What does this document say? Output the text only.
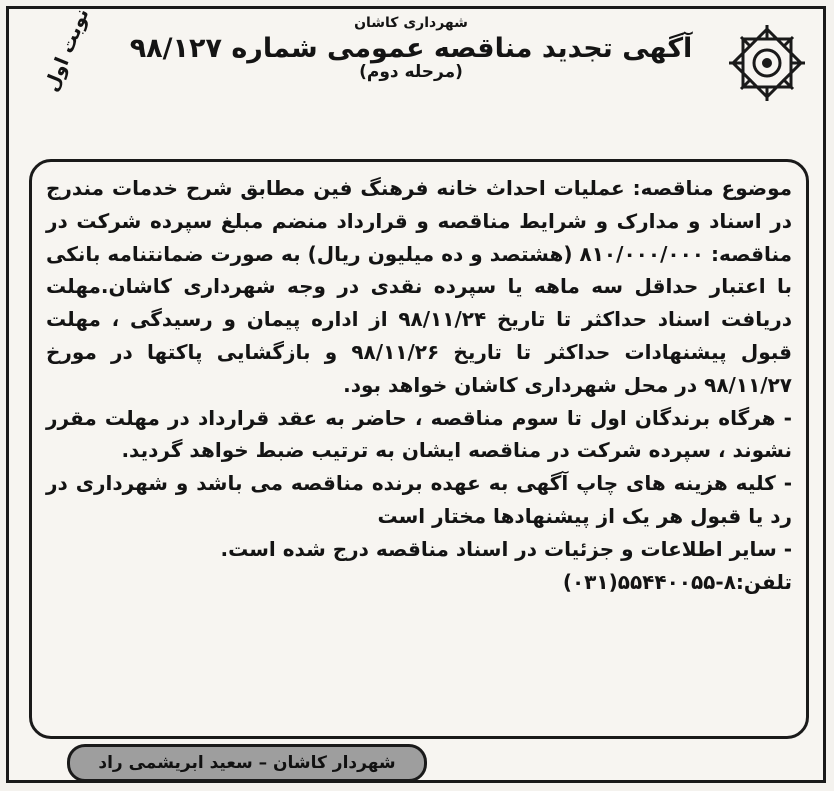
نوبت اول	شهرداری کاشان
آگهی تجدید مناقصه عمومی شماره ۹۸/۱۲۷
(مرحله دوم)

موضوع مناقصه: عملیات احداث خانه فرهنگ فین مطابق شرح خدمات مندرج در اسناد و مدارک و شرایط مناقصه و قرارداد منضم مبلغ سپرده شرکت در مناقصه: ۸۱۰/۰۰۰/۰۰۰ (هشتصد و ده میلیون ریال) به صورت ضمانتنامه بانکی با اعتبار حداقل سه ماهه یا سپرده نقدی در وجه شهرداری کاشان.مهلت دریافت اسناد حداکثر تا تاریخ ۹۸/۱۱/۲۴ از اداره پیمان و رسیدگی ، مهلت قبول پیشنهادات حداکثر تا تاریخ ۹۸/۱۱/۲۶ و بازگشایی پاکتها در مورخ ۹۸/۱۱/۲۷ در محل شهرداری کاشان خواهد بود.

- هرگاه برندگان اول تا سوم مناقصه ، حاضر به عقد قرارداد در مهلت مقرر نشوند ، سپرده شرکت در مناقصه ایشان به ترتیب ضبط خواهد گردید.

- کلیه هزینه های چاپ آگهی به عهده برنده مناقصه می باشد و شهرداری در رد یا قبول هر یک از پیشنهادها مختار است

- سایر اطلاعات و جزئیات در اسناد مناقصه درج شده است.

تلفن:۸-۵۵۴۴۰۰۵۵(۰۳۱)

شهردار کاشان – سعید ابریشمی راد
